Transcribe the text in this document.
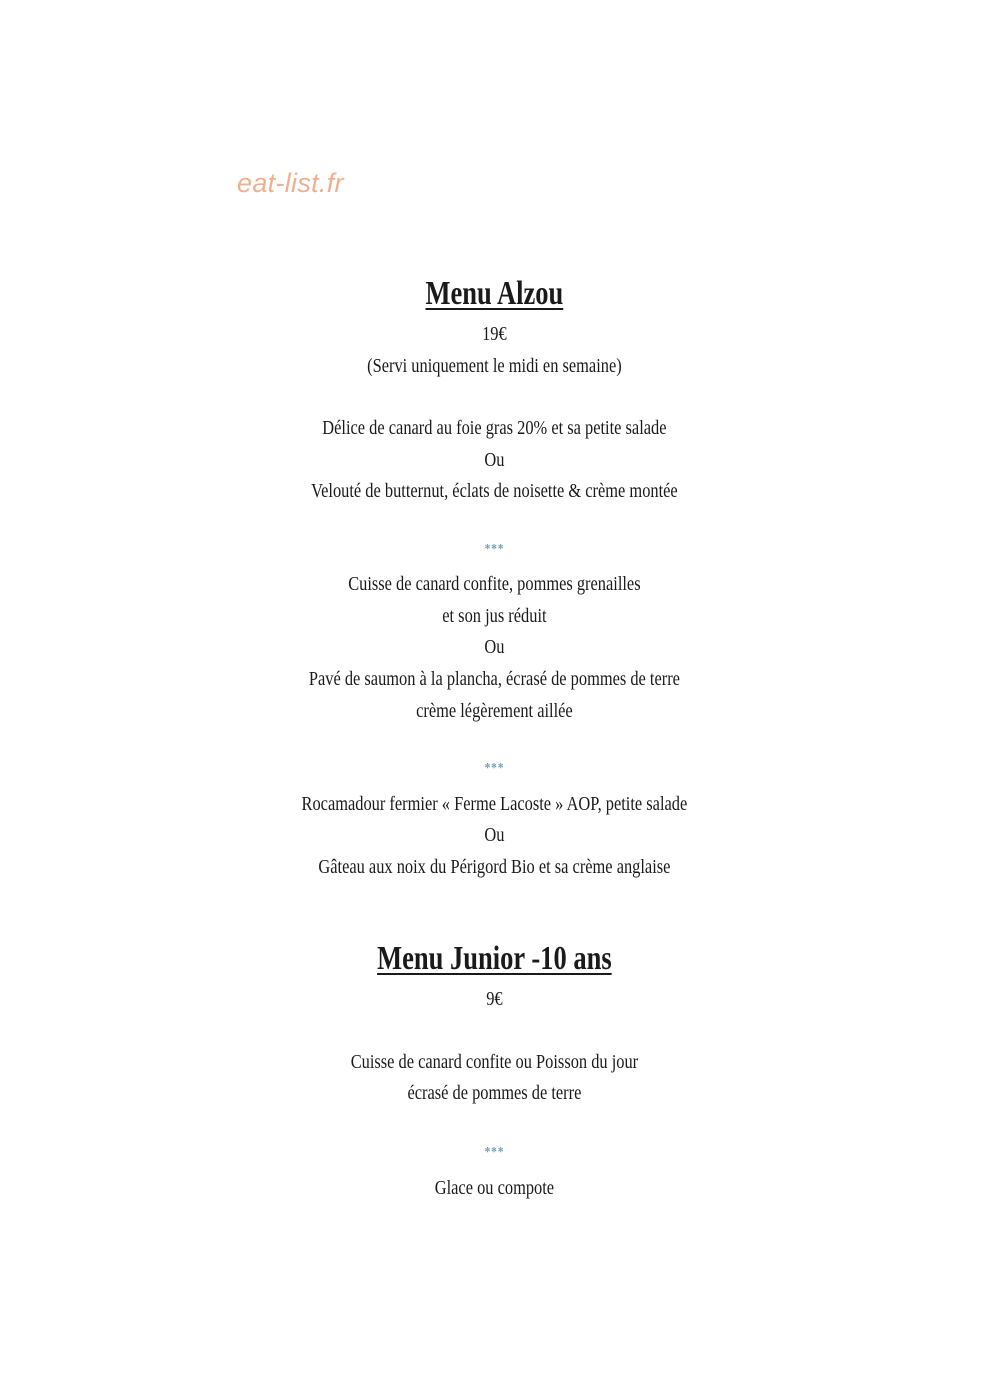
eat-list.fr
Menu Alzou
19€
(Servi uniquement le midi en semaine)
Délice de canard au foie gras 20% et sa petite salade
Ou
Velouté de butternut, éclats de noisette & crème montée
***
Cuisse de canard confite, pommes grenailles
et son jus réduit
Ou
Pavé de saumon à la plancha, écrasé de pommes de terre
crème légèrement aillée
***
Rocamadour fermier « Ferme Lacoste » AOP, petite salade
Ou
Gâteau aux noix du Périgord Bio et sa crème anglaise
Menu Junior -10 ans
9€
Cuisse de canard confite ou Poisson du jour
écrasé de pommes de terre
***
Glace ou compote
